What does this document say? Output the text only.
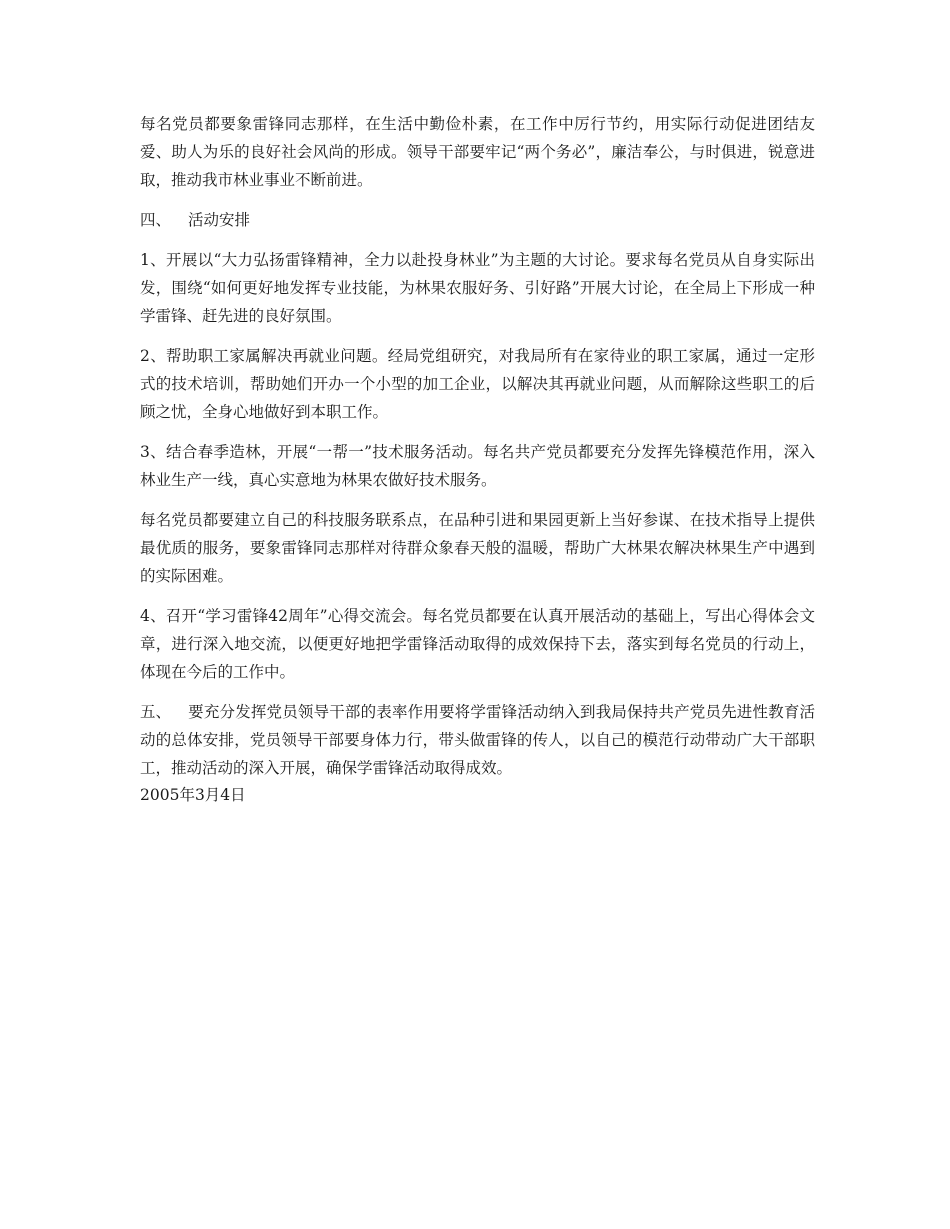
每名党员都要象雷锋同志那样，在生活中勤俭朴素，在工作中厉行节约，用实际行动促进团结友爱、助人为乐的良好社会风尚的形成。领导干部要牢记“两个务必”，廉洁奉公，与时俱进，锐意进取，推动我市林业事业不断前进。

四、 活动安排

1、开展以“大力弘扬雷锋精神，全力以赴投身林业”为主题的大讨论。要求每名党员从自身实际出发，围绕“如何更好地发挥专业技能，为林果农服好务、引好路”开展大讨论，在全局上下形成一种学雷锋、赶先进的良好氛围。

2、帮助职工家属解决再就业问题。经局党组研究，对我局所有在家待业的职工家属，通过一定形式的技术培训，帮助她们开办一个小型的加工企业，以解决其再就业问题，从而解除这些职工的后顾之忧，全身心地做好到本职工作。

3、结合春季造林，开展“一帮一”技术服务活动。每名共产党员都要充分发挥先锋模范作用，深入林业生产一线，真心实意地为林果农做好技术服务。

每名党员都要建立自己的科技服务联系点，在品种引进和果园更新上当好参谋、在技术指导上提供最优质的服务，要象雷锋同志那样对待群众象春天般的温暖，帮助广大林果农解决林果生产中遇到的实际困难。

4、召开“学习雷锋42周年”心得交流会。每名党员都要在认真开展活动的基础上，写出心得体会文章，进行深入地交流，以便更好地把学雷锋活动取得的成效保持下去，落实到每名党员的行动上，体现在今后的工作中。

五、 要充分发挥党员领导干部的表率作用要将学雷锋活动纳入到我局保持共产党员先进性教育活动的总体安排，党员领导干部要身体力行，带头做雷锋的传人，以自己的模范行动带动广大干部职工，推动活动的深入开展，确保学雷锋活动取得成效。

2005年3月4日
